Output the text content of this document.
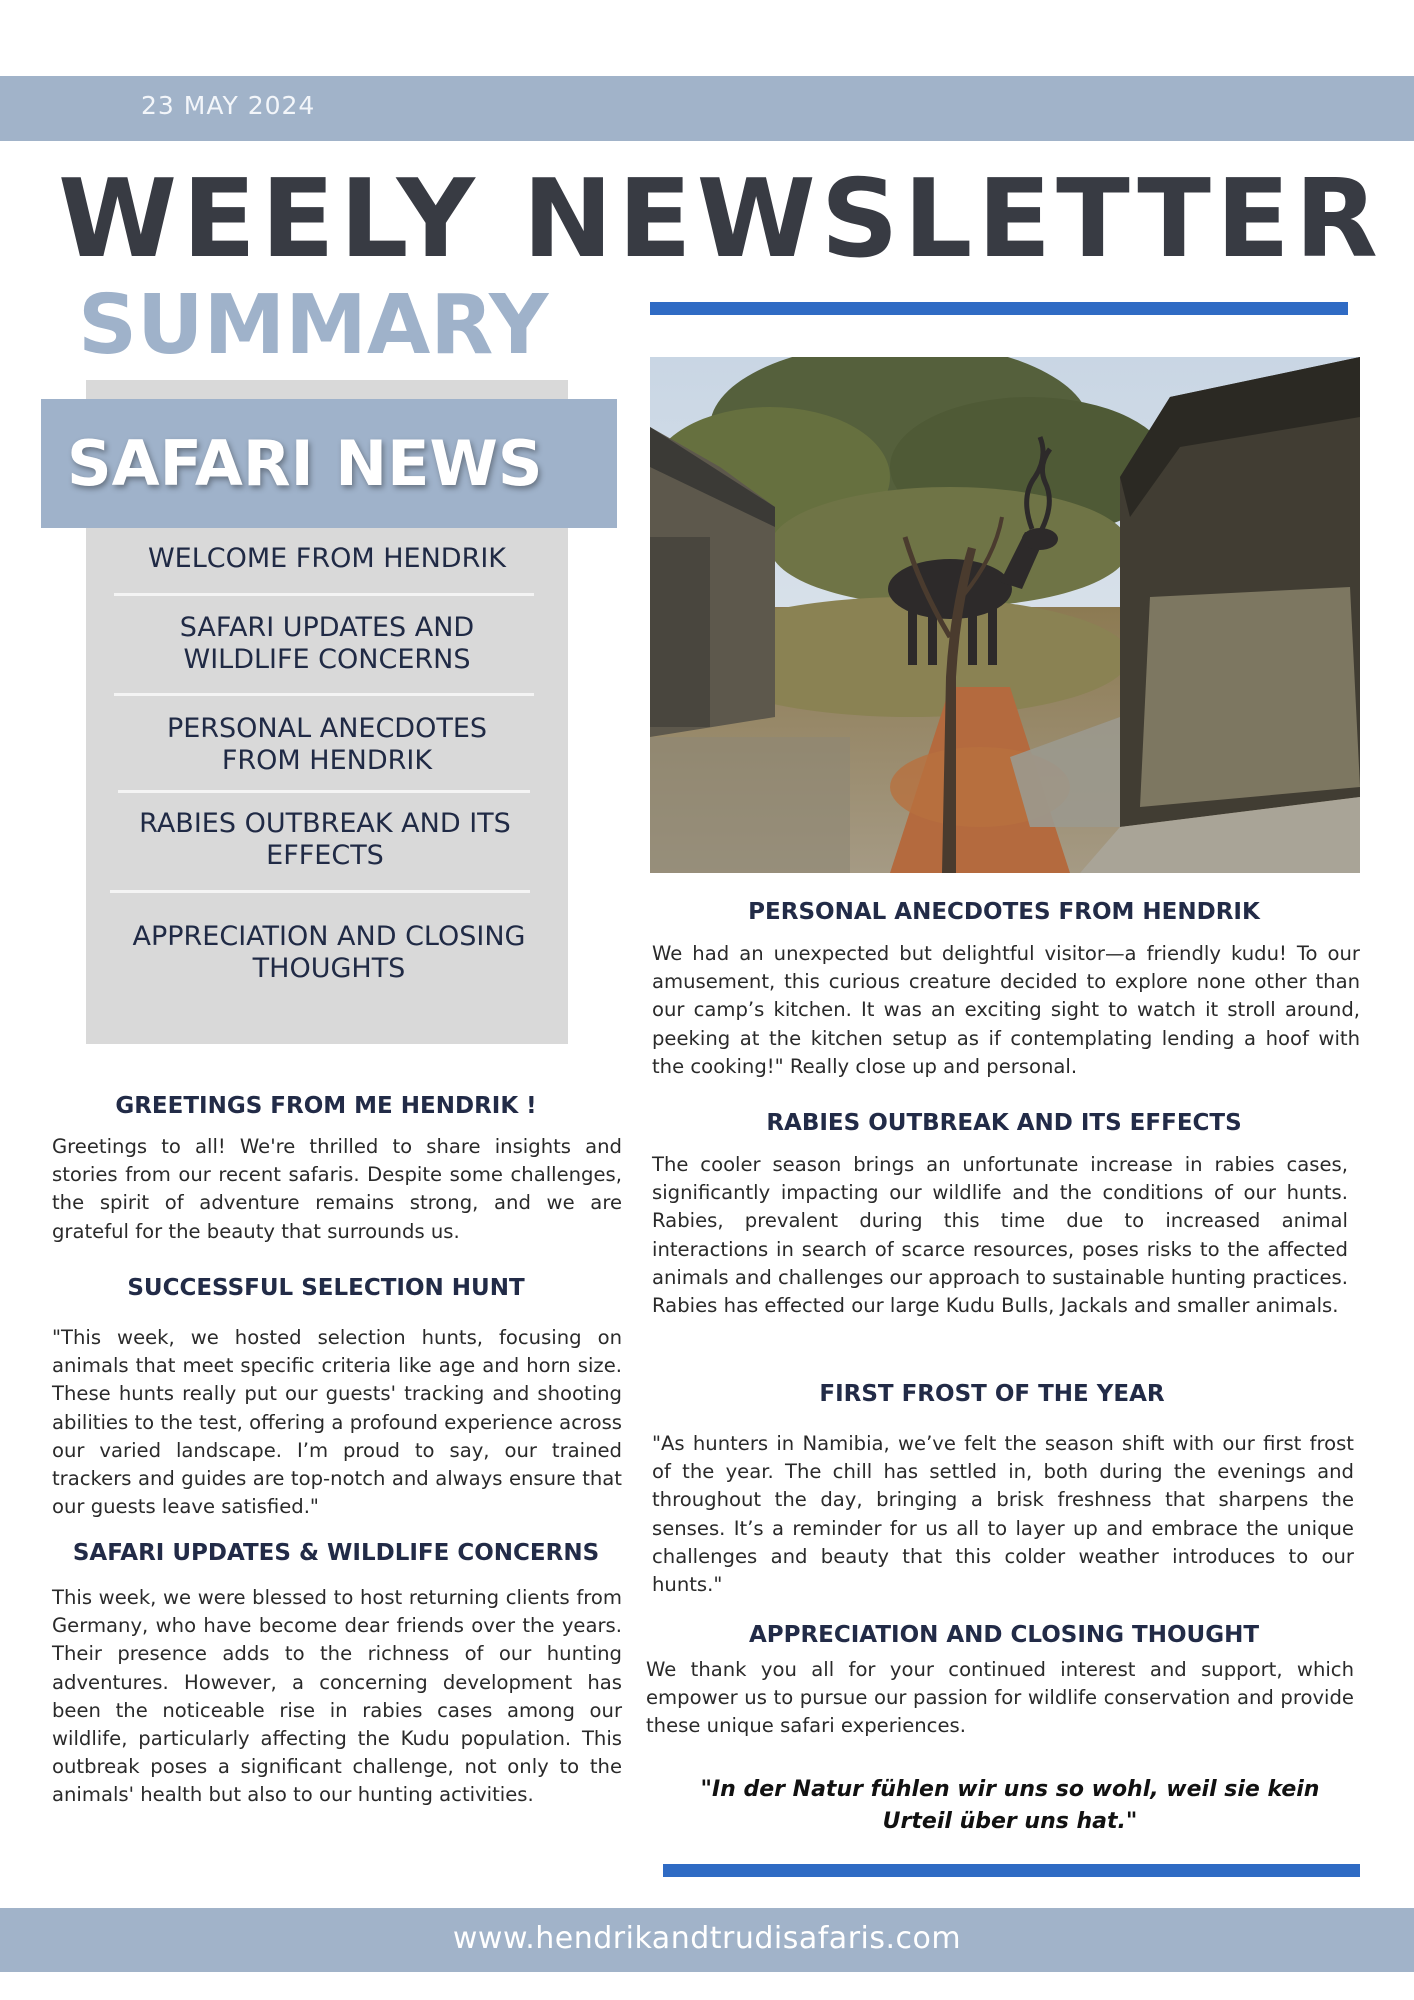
23 MAY 2024
WEELY NEWSLETTER
SUMMARY
SAFARI NEWS
WELCOME FROM HENDRIK
SAFARI UPDATES AND WILDLIFE CONCERNS
PERSONAL ANECDOTES FROM HENDRIK
RABIES OUTBREAK AND ITS EFFECTS
APPRECIATION AND CLOSING THOUGHTS
GREETINGS FROM ME HENDRIK !
Greetings to all! We're thrilled to share insights and stories from our recent safaris. Despite some challenges, the spirit of adventure remains strong, and we are grateful for the beauty that surrounds us.
SUCCESSFUL SELECTION HUNT
"This week, we hosted selection hunts, focusing on animals that meet specific criteria like age and horn size. These hunts really put our guests' tracking and shooting abilities to the test, offering a profound experience across our varied landscape. I’m proud to say, our trained trackers and guides are top-notch and always ensure that our guests leave satisfied."
SAFARI UPDATES & WILDLIFE CONCERNS
This week, we were blessed to host returning clients from Germany, who have become dear friends over the years. Their presence adds to the richness of our hunting adventures. However, a concerning development has been the noticeable rise in rabies cases among our wildlife, particularly affecting the Kudu population. This outbreak poses a significant challenge, not only to the animals' health but also to our hunting activities.
PERSONAL ANECDOTES FROM HENDRIK
We had an unexpected but delightful visitor—a friendly kudu! To our amusement, this curious creature decided to explore none other than our camp’s kitchen. It was an exciting sight to watch it stroll around, peeking at the kitchen setup as if contemplating lending a hoof with the cooking!" Really close up and personal.
RABIES OUTBREAK AND ITS EFFECTS
The cooler season brings an unfortunate increase in rabies cases, significantly impacting our wildlife and the conditions of our hunts. Rabies, prevalent during this time due to increased animal interactions in search of scarce resources, poses risks to the affected animals and challenges our approach to sustainable hunting practices. Rabies has effected our large Kudu Bulls, Jackals and smaller animals.
FIRST FROST OF THE YEAR
"As hunters in Namibia, we’ve felt the season shift with our first frost of the year. The chill has settled in, both during the evenings and throughout the day, bringing a brisk freshness that sharpens the senses. It’s a reminder for us all to layer up and embrace the unique challenges and beauty that this colder weather introduces to our hunts."
APPRECIATION AND CLOSING THOUGHT
We thank you all for your continued interest and support, which empower us to pursue our passion for wildlife conservation and provide these unique safari experiences.
"In der Natur fühlen wir uns so wohl, weil sie kein Urteil über uns hat."
www.hendrikandtrudisafaris.com
